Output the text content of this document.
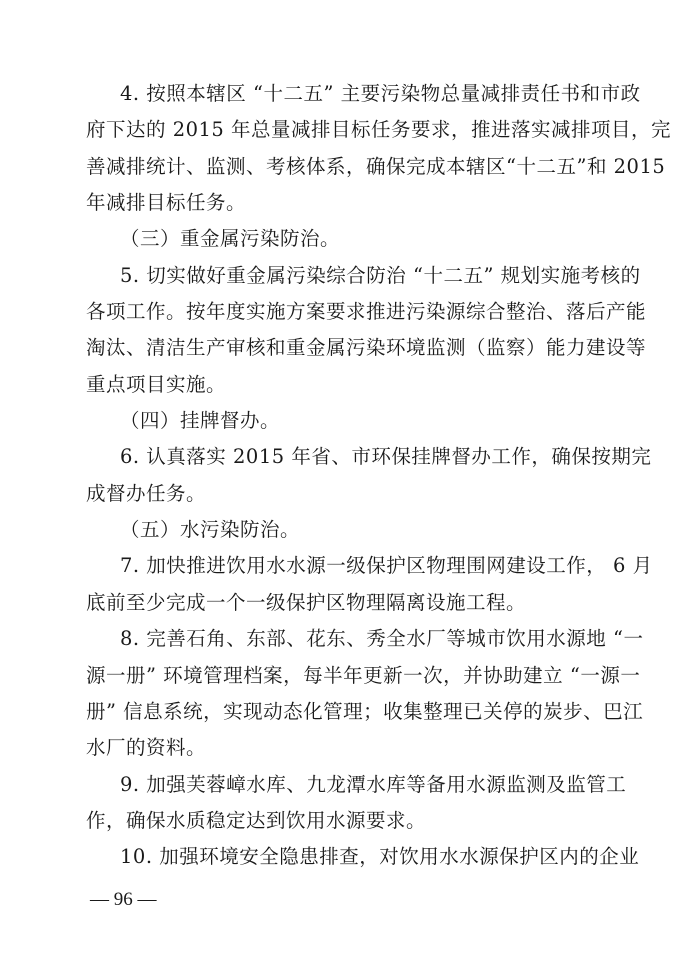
4. 按照本辖区 “十二五” 主要污染物总量减排责任书和市政
府下达的 2015 年总量减排目标任务要求，推进落实减排项目，完
善减排统计、监测、考核体系，确保完成本辖区“十二五”和 2015
年减排目标任务。
（三）重金属污染防治。
5. 切实做好重金属污染综合防治 “十二五” 规划实施考核的
各项工作。按年度实施方案要求推进污染源综合整治、落后产能
淘汰、清洁生产审核和重金属污染环境监测（监察）能力建设等
重点项目实施。
（四）挂牌督办。
6. 认真落实 2015 年省、市环保挂牌督办工作，确保按期完
成督办任务。
（五）水污染防治。
7. 加快推进饮用水水源一级保护区物理围网建设工作， 6 月
底前至少完成一个一级保护区物理隔离设施工程。
8. 完善石角、东部、花东、秀全水厂等城市饮用水源地 “一
源一册” 环境管理档案，每半年更新一次，并协助建立 “一源一
册” 信息系统，实现动态化管理；收集整理已关停的炭步、巴江
水厂的资料。
9. 加强芙蓉嶂水库、九龙潭水库等备用水源监测及监管工
作，确保水质稳定达到饮用水源要求。
10. 加强环境安全隐患排查，对饮用水水源保护区内的企业
— 96 —
